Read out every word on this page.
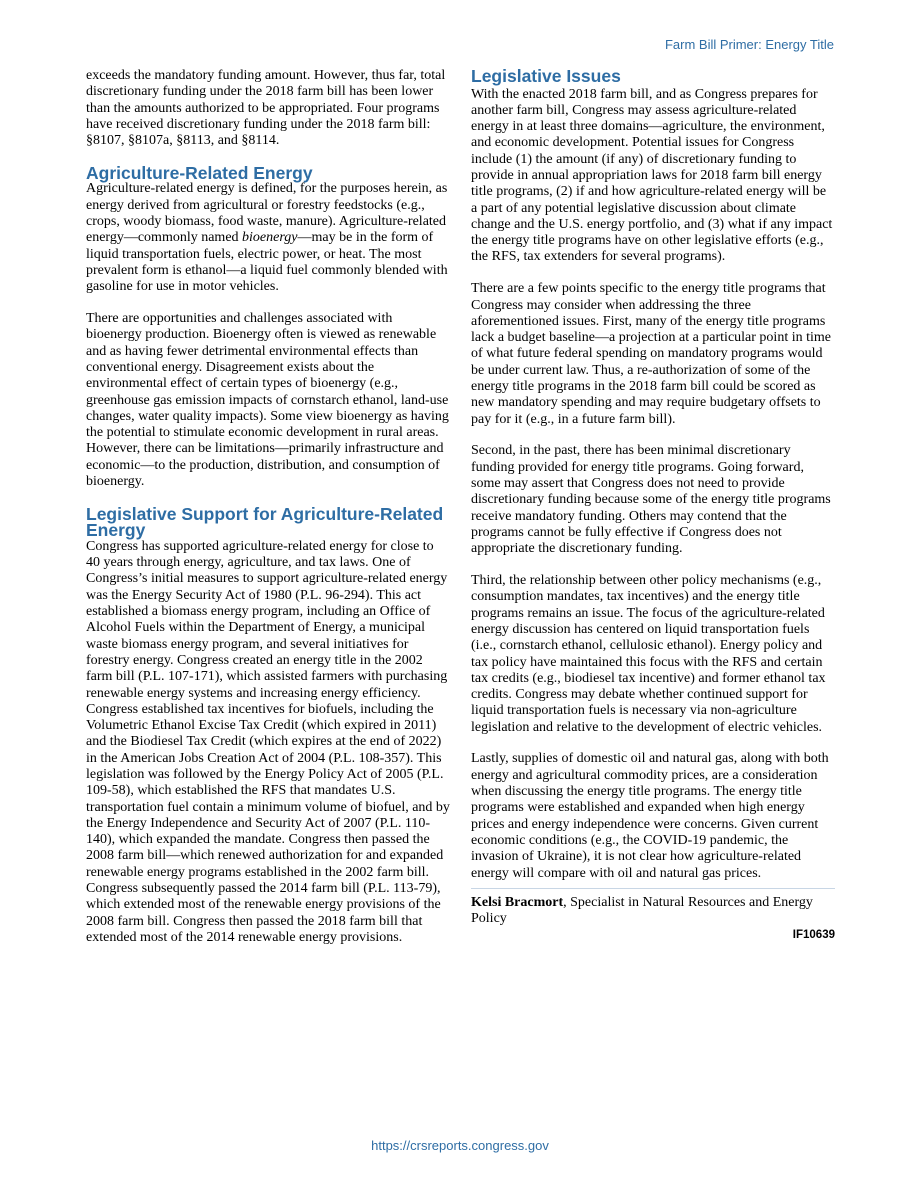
Farm Bill Primer: Energy Title

exceeds the mandatory funding amount. However, thus far, total discretionary funding under the 2018 farm bill has been lower than the amounts authorized to be appropriated. Four programs have received discretionary funding under the 2018 farm bill: §8107, §8107a, §8113, and §8114.

Agriculture-Related Energy

Agriculture-related energy is defined, for the purposes herein, as energy derived from agricultural or forestry feedstocks (e.g., crops, woody biomass, food waste, manure). Agriculture-related energy—commonly named bioenergy—may be in the form of liquid transportation fuels, electric power, or heat. The most prevalent form is ethanol—a liquid fuel commonly blended with gasoline for use in motor vehicles.

There are opportunities and challenges associated with bioenergy production. Bioenergy often is viewed as renewable and as having fewer detrimental environmental effects than conventional energy. Disagreement exists about the environmental effect of certain types of bioenergy (e.g., greenhouse gas emission impacts of cornstarch ethanol, land-use changes, water quality impacts). Some view bioenergy as having the potential to stimulate economic development in rural areas. However, there can be limitations—primarily infrastructure and economic—to the production, distribution, and consumption of bioenergy.

Legislative Support for Agriculture-Related Energy

Congress has supported agriculture-related energy for close to 40 years through energy, agriculture, and tax laws. One of Congress’s initial measures to support agriculture-related energy was the Energy Security Act of 1980 (P.L. 96-294). This act established a biomass energy program, including an Office of Alcohol Fuels within the Department of Energy, a municipal waste biomass energy program, and several initiatives for forestry energy. Congress created an energy title in the 2002 farm bill (P.L. 107-171), which assisted farmers with purchasing renewable energy systems and increasing energy efficiency. Congress established tax incentives for biofuels, including the Volumetric Ethanol Excise Tax Credit (which expired in 2011) and the Biodiesel Tax Credit (which expires at the end of 2022) in the American Jobs Creation Act of 2004 (P.L. 108-357). This legislation was followed by the Energy Policy Act of 2005 (P.L. 109-58), which established the RFS that mandates U.S. transportation fuel contain a minimum volume of biofuel, and by the Energy Independence and Security Act of 2007 (P.L. 110-140), which expanded the mandate. Congress then passed the 2008 farm bill—which renewed authorization for and expanded renewable energy programs established in the 2002 farm bill. Congress subsequently passed the 2014 farm bill (P.L. 113-79), which extended most of the renewable energy provisions of the 2008 farm bill. Congress then passed the 2018 farm bill that extended most of the 2014 renewable energy provisions.

Legislative Issues

With the enacted 2018 farm bill, and as Congress prepares for another farm bill, Congress may assess agriculture-related energy in at least three domains—agriculture, the environment, and economic development. Potential issues for Congress include (1) the amount (if any) of discretionary funding to provide in annual appropriation laws for 2018 farm bill energy title programs, (2) if and how agriculture-related energy will be a part of any potential legislative discussion about climate change and the U.S. energy portfolio, and (3) what if any impact the energy title programs have on other legislative efforts (e.g., the RFS, tax extenders for several programs).

There are a few points specific to the energy title programs that Congress may consider when addressing the three aforementioned issues. First, many of the energy title programs lack a budget baseline—a projection at a particular point in time of what future federal spending on mandatory programs would be under current law. Thus, a re-authorization of some of the energy title programs in the 2018 farm bill could be scored as new mandatory spending and may require budgetary offsets to pay for it (e.g., in a future farm bill).

Second, in the past, there has been minimal discretionary funding provided for energy title programs. Going forward, some may assert that Congress does not need to provide discretionary funding because some of the energy title programs receive mandatory funding. Others may contend that the programs cannot be fully effective if Congress does not appropriate the discretionary funding.

Third, the relationship between other policy mechanisms (e.g., consumption mandates, tax incentives) and the energy title programs remains an issue. The focus of the agriculture-related energy discussion has centered on liquid transportation fuels (i.e., cornstarch ethanol, cellulosic ethanol). Energy policy and tax policy have maintained this focus with the RFS and certain tax credits (e.g., biodiesel tax incentive) and former ethanol tax credits. Congress may debate whether continued support for liquid transportation fuels is necessary via non-agriculture legislation and relative to the development of electric vehicles.

Lastly, supplies of domestic oil and natural gas, along with both energy and agricultural commodity prices, are a consideration when discussing the energy title programs. The energy title programs were established and expanded when high energy prices and energy independence were concerns. Given current economic conditions (e.g., the COVID-19 pandemic, the invasion of Ukraine), it is not clear how agriculture-related energy will compare with oil and natural gas prices.

Kelsi Bracmort, Specialist in Natural Resources and Energy Policy

IF10639
https://crsreports.congress.gov
